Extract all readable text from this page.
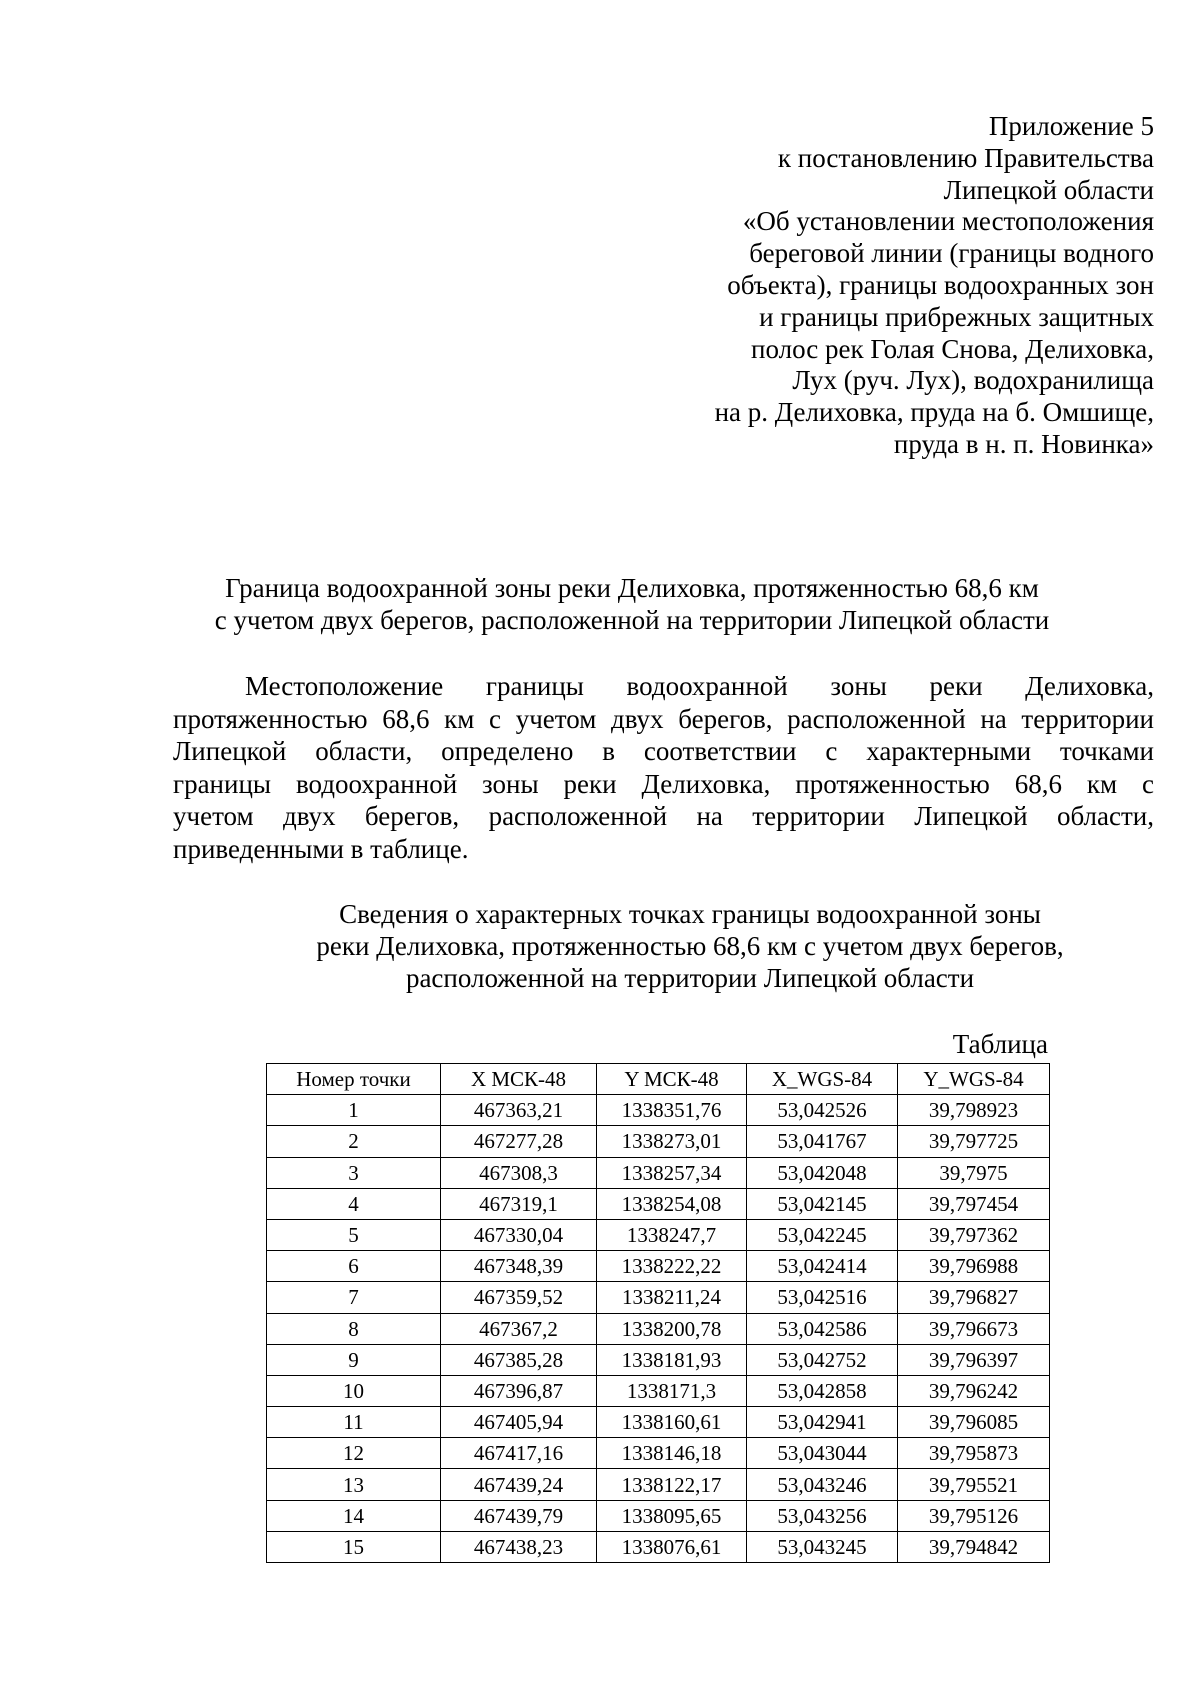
Приложение 5
к постановлению Правительства
Липецкой области
«Об установлении местоположения
береговой линии (границы водного
объекта), границы водоохранных зон
и границы прибрежных защитных
полос рек Голая Снова, Делиховка,
Лух (руч. Лух), водохранилища
на р. Делиховка, пруда на б. Омшище,
пруда в н. п. Новинка»
Граница водоохранной зоны реки Делиховка, протяженностью 68,6 км
с учетом двух берегов, расположенной на территории Липецкой области
Местоположение границы водоохранной зоны реки Делиховка,
протяженностью 68,6 км с учетом двух берегов, расположенной на территории
Липецкой области, определено в соответствии с характерными точками
границы водоохранной зоны реки Делиховка, протяженностью 68,6 км с
учетом двух берегов, расположенной на территории Липецкой области,
приведенными в таблице.
Сведения о характерных точках границы водоохранной зоны
реки Делиховка, протяженностью 68,6 км с учетом двух берегов,
расположенной на территории Липецкой области
Таблица
Номер точки	X МСК-48	Y МСК-48	X_WGS-84	Y_WGS-84
1	467363,21	1338351,76	53,042526	39,798923
2	467277,28	1338273,01	53,041767	39,797725
3	467308,3	1338257,34	53,042048	39,7975
4	467319,1	1338254,08	53,042145	39,797454
5	467330,04	1338247,7	53,042245	39,797362
6	467348,39	1338222,22	53,042414	39,796988
7	467359,52	1338211,24	53,042516	39,796827
8	467367,2	1338200,78	53,042586	39,796673
9	467385,28	1338181,93	53,042752	39,796397
10	467396,87	1338171,3	53,042858	39,796242
11	467405,94	1338160,61	53,042941	39,796085
12	467417,16	1338146,18	53,043044	39,795873
13	467439,24	1338122,17	53,043246	39,795521
14	467439,79	1338095,65	53,043256	39,795126
15	467438,23	1338076,61	53,043245	39,794842
